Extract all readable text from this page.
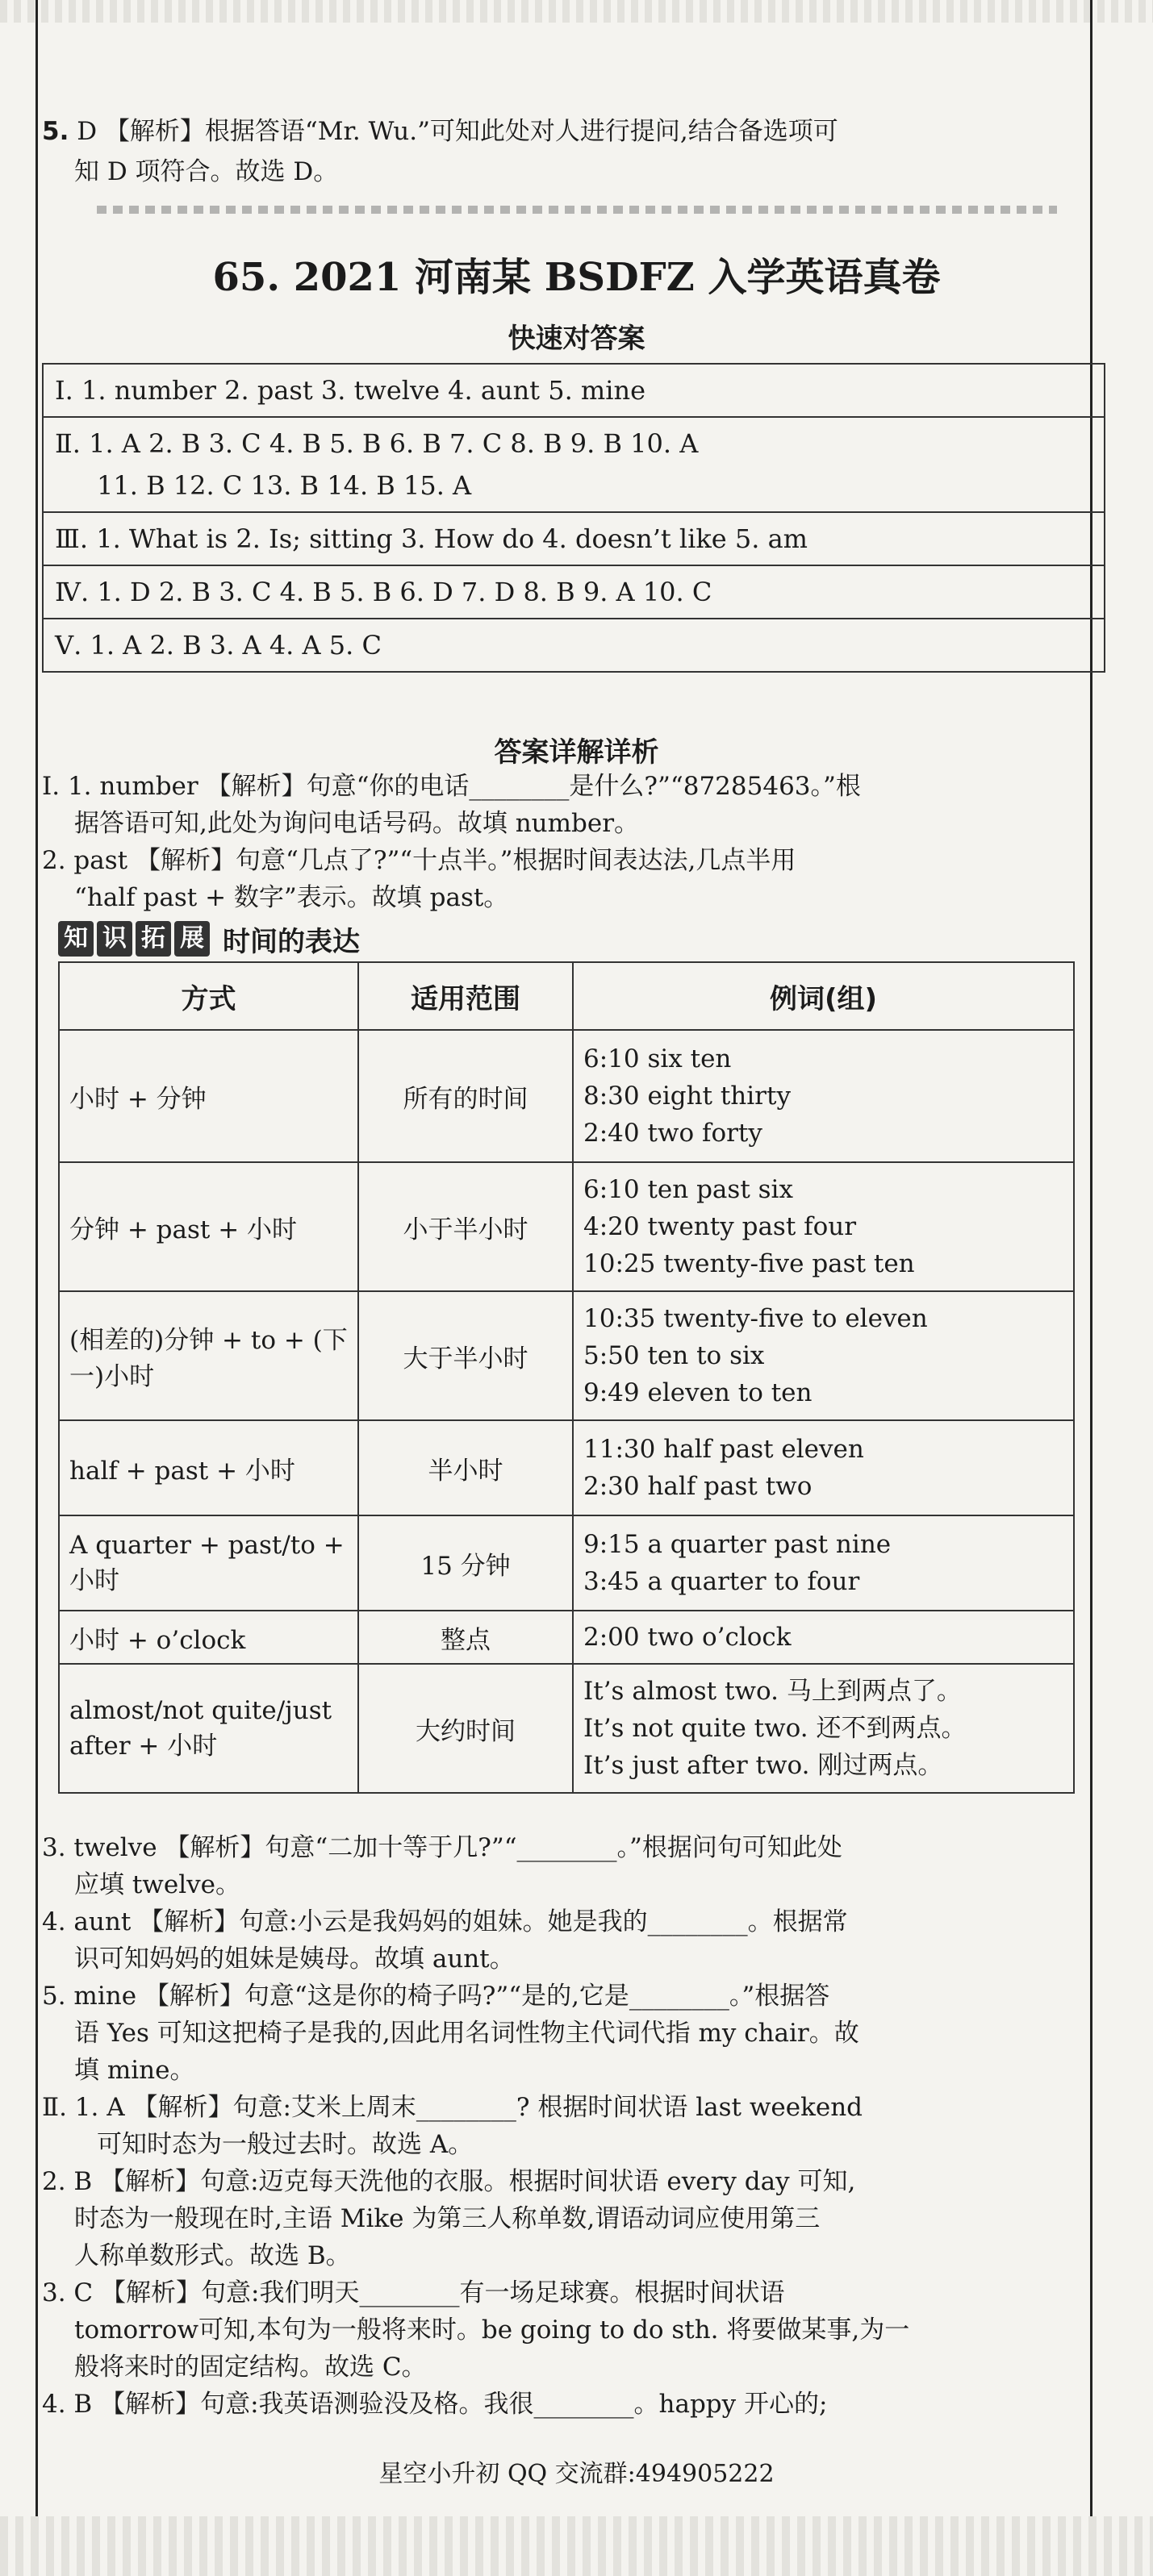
5. D 【解析】根据答语“Mr. Wu.”可知此处对人进行提问,结合备选项可
知 D 项符合。故选 D。
65. 2021 河南某 BSDFZ 入学英语真卷
快速对答案
Ⅰ. 1. number 2. past 3. twelve 4. aunt 5. mine
Ⅱ. 1. A 2. B 3. C 4. B 5. B 6. B 7. C 8. B 9. B 10. A
11. B 12. C 13. B 14. B 15. A
Ⅲ. 1. What is 2. Is; sitting 3. How do 4. doesn’t like 5. am
Ⅳ. 1. D 2. B 3. C 4. B 5. B 6. D 7. D 8. B 9. A 10. C
Ⅴ. 1. A 2. B 3. A 4. A 5. C
答案详解详析
Ⅰ. 1. number 【解析】句意“你的电话________是什么?”“87285463。”根
据答语可知,此处为询问电话号码。故填 number。
2. past 【解析】句意“几点了?”“十点半。”根据时间表达法,几点半用
“half past + 数字”表示。故填 past。
知 识 拓 展 时间的表达
方式	适用范围	例词(组)
小时 + 分钟	所有的时间	6:10 six ten
8:30 eight thirty
2:40 two forty

分钟 + past + 小时	小于半小时	6:10 ten past six
4:20 twenty past four
10:25 twenty-five past ten

(相差的)分钟 + to + (下一)小时	大于半小时	10:35 twenty-five to eleven
5:50 ten to six
9:49 eleven to ten

half + past + 小时	半小时	11:30 half past eleven
2:30 half past two

A quarter + past/to + 小时	15 分钟	9:15 a quarter past nine
3:45 a quarter to four

小时 + o’clock	整点	2:00 two o’clock

almost/not quite/just after + 小时	大约时间	It’s almost two. 马上到两点了。
It’s not quite two. 还不到两点。
It’s just after two. 刚过两点。
3. twelve 【解析】句意“二加十等于几?”“________。”根据问句可知此处
应填 twelve。
4. aunt 【解析】句意:小云是我妈妈的姐妹。她是我的________。根据常
识可知妈妈的姐妹是姨母。故填 aunt。
5. mine 【解析】句意“这是你的椅子吗?”“是的,它是________。”根据答
语 Yes 可知这把椅子是我的,因此用名词性物主代词代指 my chair。故
填 mine。
Ⅱ. 1. A 【解析】句意:艾米上周末________? 根据时间状语 last weekend
可知时态为一般过去时。故选 A。
2. B 【解析】句意:迈克每天洗他的衣服。根据时间状语 every day 可知,
时态为一般现在时,主语 Mike 为第三人称单数,谓语动词应使用第三
人称单数形式。故选 B。
3. C 【解析】句意:我们明天________有一场足球赛。根据时间状语
tomorrow可知,本句为一般将来时。be going to do sth. 将要做某事,为一
般将来时的固定结构。故选 C。
4. B 【解析】句意:我英语测验没及格。我很________。happy 开心的;
星空小升初 QQ 交流群:494905222
